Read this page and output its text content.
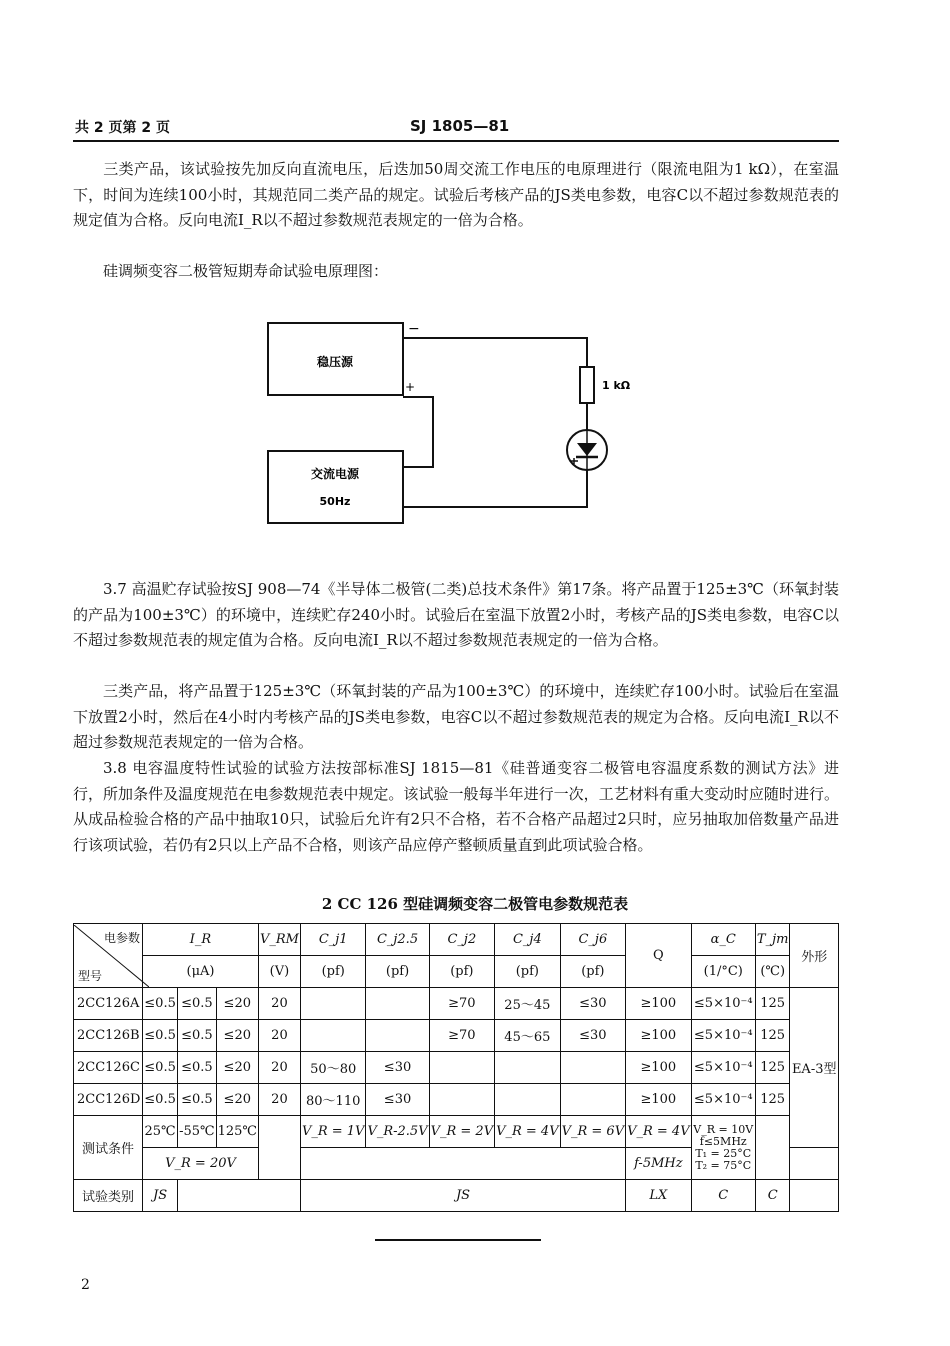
共 2 页第 2 页	SJ 1805—81
三类产品，该试验按先加反向直流电压，后迭加50周交流工作电压的电原理进行（限流电阻为1 kΩ），在室温下，时间为连续100小时，其规范同二类产品的规定。试验后考核产品的JS类电参数，电容C以不超过参数规范表的规定值为合格。反向电流I_R以不超过参数规范表规定的一倍为合格。
硅调频变容二极管短期寿命试验电原理图：
稳压源
交流电源
50Hz
−
+	1 kΩ
3.7 高温贮存试验按SJ 908—74《半导体二极管(二类)总技术条件》第17条。将产品置于125±3℃（环氧封装的产品为100±3℃）的环境中，连续贮存240小时。试验后在室温下放置2小时，考核产品的JS类电参数，电容C以不超过参数规范表的规定值为合格。反向电流I_R以不超过参数规范表规定的一倍为合格。
三类产品，将产品置于125±3℃（环氧封装的产品为100±3℃）的环境中，连续贮存100小时。试验后在室温下放置2小时，然后在4小时内考核产品的JS类电参数，电容C以不超过参数规范表的规定为合格。反向电流I_R以不超过参数规范表规定的一倍为合格。
3.8 电容温度特性试验的试验方法按部标准SJ 1815—81《硅普通变容二极管电容温度系数的测试方法》进行，所加条件及温度规范在电参数规范表中规定。该试验一般每半年进行一次，工艺材料有重大变动时应随时进行。从成品检验合格的产品中抽取10只，试验后允许有2只不合格，若不合格产品超过2只时，应另抽取加倍数量产品进行该项试验，若仍有2只以上产品不合格，则该产品应停产整顿质量直到此项试验合格。
2 CC 126 型硅调频变容二极管电参数规范表
电参数
型号	I_R			V_RM	C_j1	C_j2.5	C_j2	C_j4	C_j6	Q	α_C	T_jm	外形
	(μA)			(V)	(pf)	(pf)	(pf)	(pf)	(pf)		(1/°C)	(℃)	
2CC126A	≤0.5	≤0.5	≤20	20			≥70	25～45	≤30	≥100	≤5×10⁻⁴	125	EA-3型
2CC126B	≤0.5	≤0.5	≤20	20			≥70	45～65	≤30	≥100	≤5×10⁻⁴	125	
2CC126C	≤0.5	≤0.5	≤20	20	50～80	≤30				≥100	≤5×10⁻⁴	125	
2CC126D	≤0.5	≤0.5	≤20	20	80～110	≤30				≥100	≤5×10⁻⁴	125	
测试条件	25℃	-55℃	125℃		V_R = 1V	V_R-2.5V	V_R = 2V	V_R = 4V	V_R = 6V	V_R = 4V	V_R = 10V
f≤5MHz
T₁ = 25°C
T₂ = 75°C		

	V_R = 20V									f-5MHz			
试验类别	JS				JS					LX	C	C	
2
